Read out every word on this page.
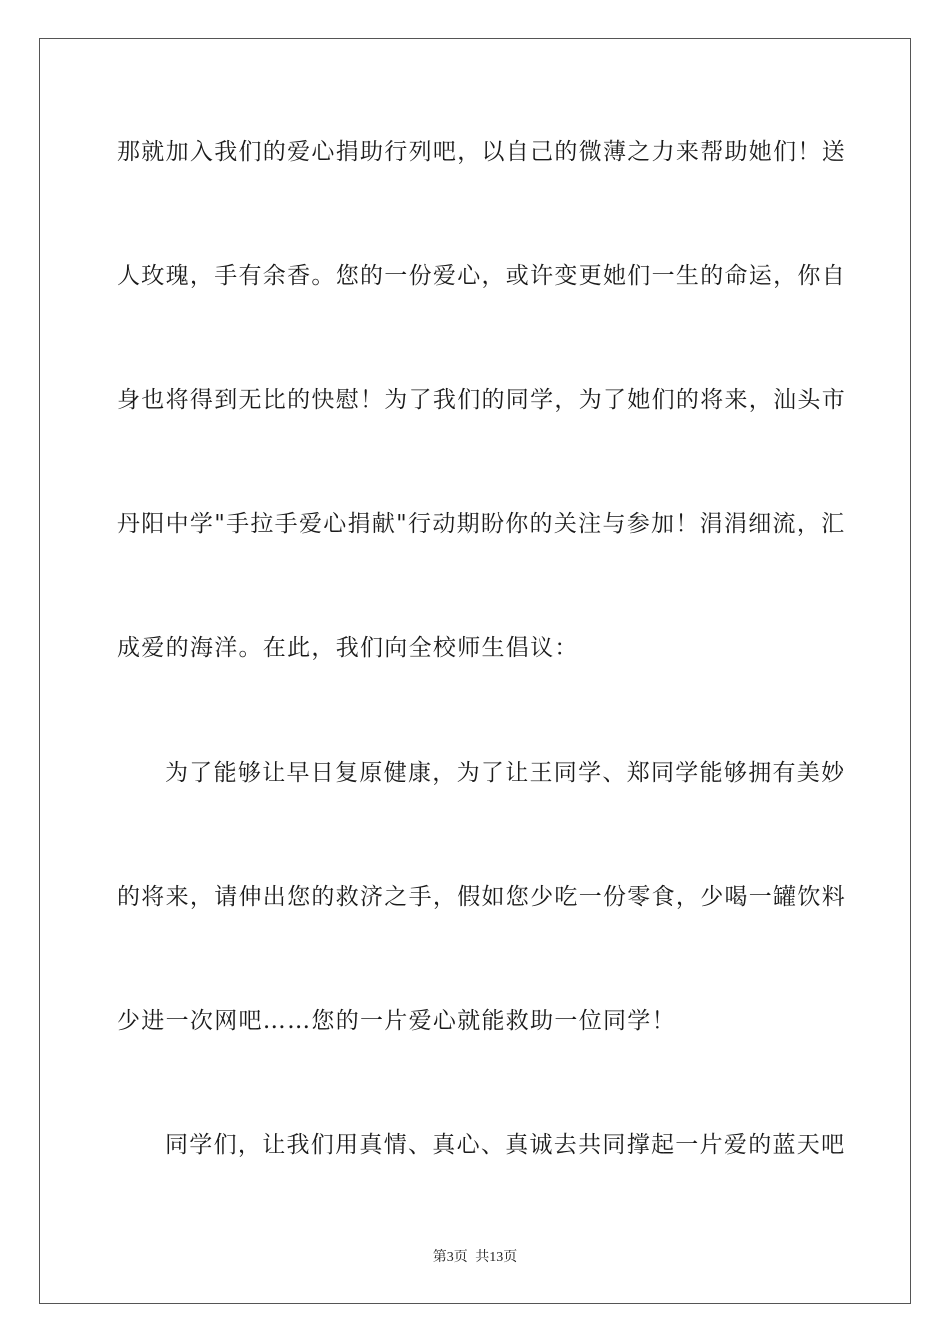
那就加入我们的爱心捐助行列吧，以自己的微薄之力来帮助她们！送
人玫瑰，手有余香。您的一份爱心，或许变更她们一生的命运，你自
身也将得到无比的快慰！为了我们的同学，为了她们的将来，汕头市
丹阳中学"手拉手爱心捐献"行动期盼你的关注与参加！涓涓细流，汇
成爱的海洋。在此，我们向全校师生倡议：
为了能够让早日复原健康，为了让王同学、郑同学能够拥有美妙
的将来，请伸出您的救济之手，假如您少吃一份零食，少喝一罐饮料
少进一次网吧……您的一片爱心就能救助一位同学！
同学们，让我们用真情、真心、真诚去共同撑起一片爱的蓝天吧
第3页 共13页
